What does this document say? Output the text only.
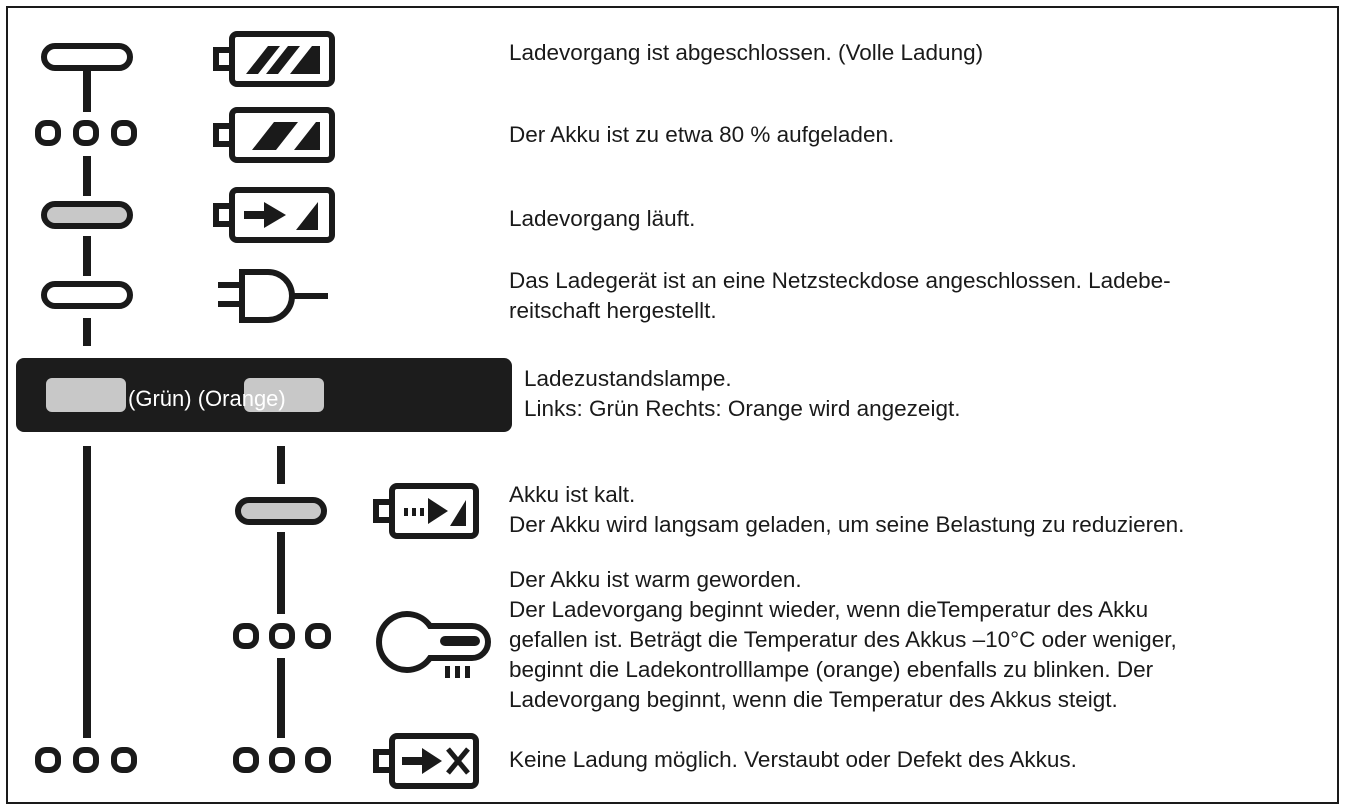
(Grün) (Orange)

Ladevorgang ist abgeschlossen. (Volle Ladung)

Der Akku ist zu etwa 80 % aufgeladen.

Ladevorgang läuft.

Das Ladegerät ist an eine Netzsteckdose angeschlossen. Ladebe-
reitschaft hergestellt.
Ladezustandslampe.
Links: Grün Rechts: Orange wird angezeigt.
Akku ist kalt.
Der Akku wird langsam geladen, um seine Belastung zu reduzieren.
Der Akku ist warm geworden.
Der Ladevorgang beginnt wieder, wenn dieTemperatur des Akku
gefallen ist. Beträgt die Temperatur des Akkus –10°C oder weniger,
beginnt die Ladekontrolllampe (orange) ebenfalls zu blinken. Der
Ladevorgang beginnt, wenn die Temperatur des Akkus steigt.

Keine Ladung möglich. Verstaubt oder Defekt des Akkus.
